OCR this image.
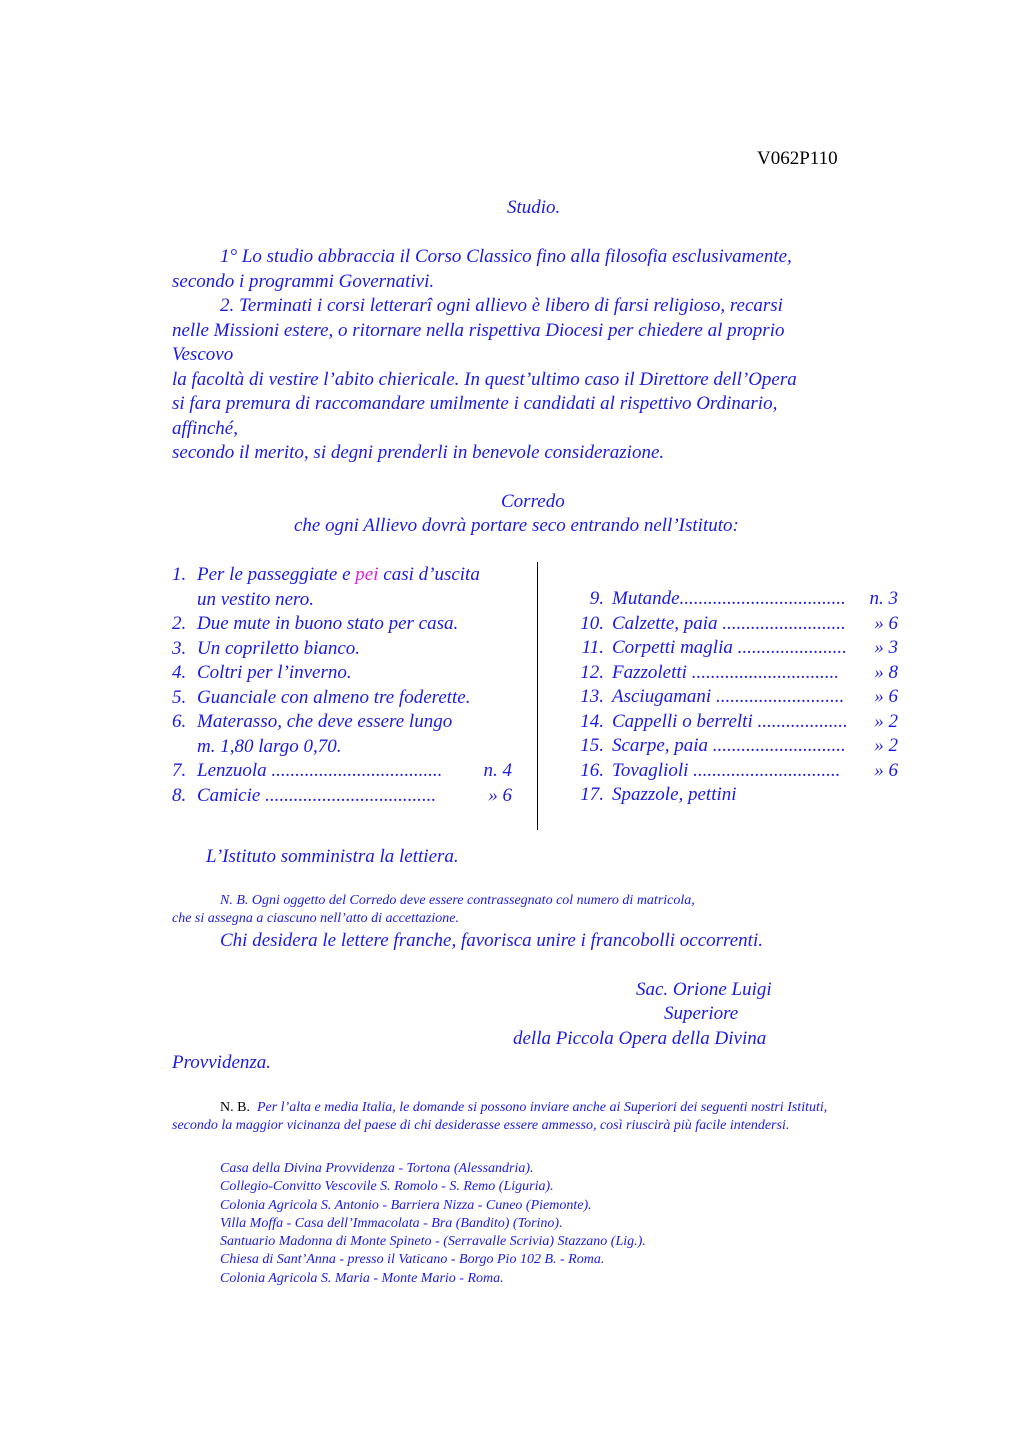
V062P110
Studio.
1° Lo studio abbraccia il Corso Classico fino alla filosofia esclusivamente,
secondo i programmi Governativi.
2. Terminati i corsi letterarî ogni allievo è libero di farsi religioso, recarsi
nelle Missioni estere, o ritornare nella rispettiva Diocesi per chiedere al proprio
Vescovo
la facoltà di vestire l’abito chiericale. In quest’ultimo caso il Direttore dell’Opera
si fara premura di raccomandare umilmente i candidati al rispettivo Ordinario,
affinché,
secondo il merito, si degni prenderli in benevole considerazione.
Corredo
che ogni Allievo dovrà portare seco entrando nell’Istituto:
1. Per le passeggiate e pei casi d’uscita
un vestito nero.
2. Due mute in buono stato per casa.
3. Un copriletto bianco.
4. Coltri per l’inverno.
5. Guanciale con almeno tre foderette.
6. Materasso, che deve essere lungo
m. 1,80 largo 0,70.
7. Lenzuola ....................................	n. 4
8. Camicie ....................................	» 6
9. Mutande...................................	n. 3
10. Calzette, paia ..........................	» 6
11. Corpetti maglia .......................	» 3
12. Fazzoletti ...............................	» 8
13. Asciugamani ...........................	» 6
14. Cappelli o berrelti ...................	» 2
15. Scarpe, paia ............................	» 2
16. Tovaglioli ...............................	» 6
17. Spazzole, pettini
L’Istituto somministra la lettiera.
N. B. Ogni oggetto del Corredo deve essere contrassegnato col numero di matricola,
che si assegna a ciascuno nell’atto di accettazione.
Chi desidera le lettere franche, favorisca unire i francobolli occorrenti.
Sac. Orione Luigi
Superiore
della Piccola Opera della Divina
Provvidenza.
N. B. Per l’alta e media Italia, le domande si possono inviare anche ai Superiori dei seguenti nostri Istituti,
secondo la maggior vicinanza del paese di chi desiderasse essere ammesso, così riuscirà più facile intendersi.
Casa della Divina Provvidenza - Tortona (Alessandria).
Collegio-Convitto Vescovile S. Romolo - S. Remo (Liguria).
Colonia Agricola S. Antonio - Barriera Nizza - Cuneo (Piemonte).
Villa Moffa - Casa dell’Immacolata - Bra (Bandito) (Torino).
Santuario Madonna di Monte Spineto - (Serravalle Scrivia) Stazzano (Lig.).
Chiesa di Sant’Anna - presso il Vaticano - Borgo Pio 102 B. - Roma.
Colonia Agricola S. Maria - Monte Mario - Roma.
